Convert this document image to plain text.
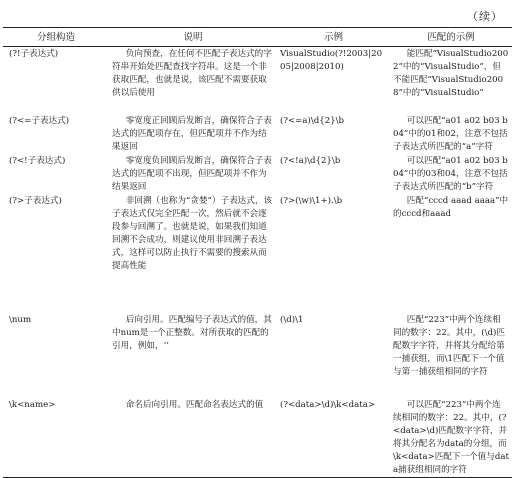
（续）
分组构造	说明	示例	匹配的示例
(?!子表达式)	负向预查，在任何不匹配子表达式的字符串开始处匹配查找字符串。这是一个非获取匹配，也就是说，该匹配不需要获取供以后使用	VisualStudio(?!2003|2005|2008|2010)	能匹配“VisualStudio2002”中的“VisualStudio”，但不能匹配“VisualStudio2008”中的“VisualStudio”
(?<=子表达式)	零宽度正回顾后发断言，确保符合子表达式的匹配项存在，但匹配项并不作为结果返回	(?<=a)\d{2}\b	可以匹配“a01 a02 b03 b04”中的01和02，注意不包括子表达式所匹配的“a”字符
(?<!子表达式)	零宽度负回顾后发断言，确保符合子表达式的匹配项不出现，但匹配项并不作为结果返回	(?<!a)\d{2}\b	可以匹配“a01 a02 b03 b04”中的03和04，注意不包括子表达式所匹配的“b”字符
(?>子表达式)	非回溯（也称为“贪婪”）子表达式，该子表达式仅完全匹配一次，然后就不会逐段参与回溯了。也就是说，如果我们知道回溯不会成功，则建议使用非回溯子表达式，这样可以防止执行不需要的搜索从而提高性能	(?>(\w)\1+).\b	匹配“cccd aaad aaaa”中的cccd和aaad
\num	后向引用。匹配编号子表达式的值，其中num是一个正整数。对所获取的匹配的引用，例如，‘’	(\d)\1	匹配“223”中两个连续相同的数字：22。其中，(\d)匹配数字字符，并将其分配给第一捕获组，而\1匹配下一个值与第一捕获组相同的字符
\k<name>	命名后向引用。匹配命名表达式的值	(?<data>\d)\k<data>	可以匹配“223”中两个连续相同的数字：22。其中，(?<data>\d)匹配数字字符，并将其分配名为data的分组，而\k<data>匹配下一个值与data捕获组相同的字符
